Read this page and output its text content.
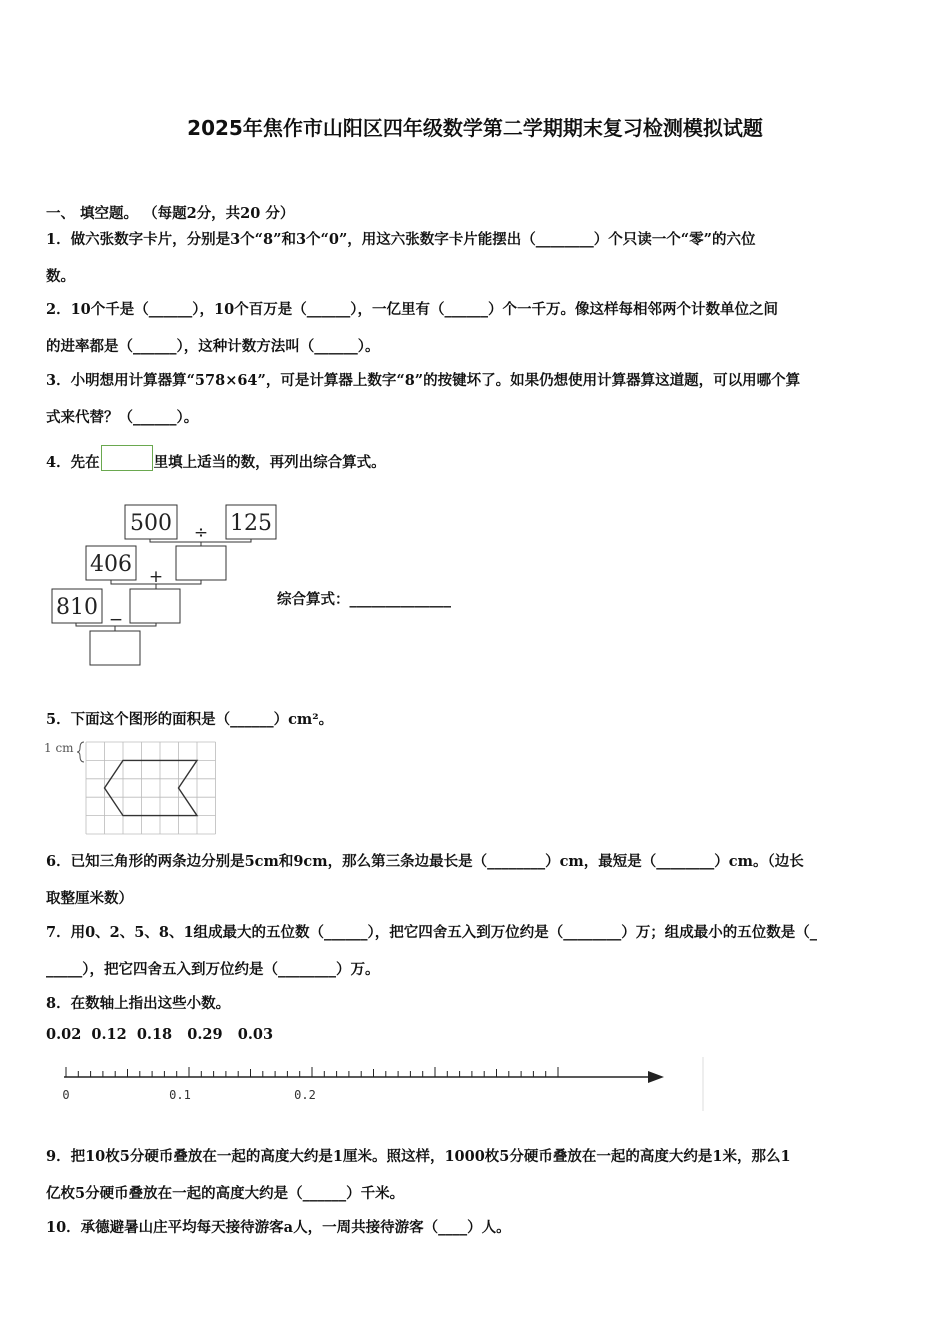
2025年焦作市山阳区四年级数学第二学期期末复习检测模拟试题
一、 填空题。 （每题2分，共20 分）
1．做六张数字卡片，分别是3个“8”和3个“0”，用这六张数字卡片能摆出（________）个只读一个“零”的六位
数。
2．10个千是（______），10个百万是（______），一亿里有（______）个一千万。像这样每相邻两个计数单位之间
的进率都是（______），这种计数方法叫（______）。
3．小明想用计算器算“578×64”，可是计算器上数字“8”的按键坏了。如果仍想使用计算器算这道题，可以用哪个算
式来代替？（______）。
4．先在	里填上适当的数，再列出综合算式。
500	125
406
810
÷
+
−
综合算式：______________
5．下面这个图形的面积是（______）cm²。
1 cm
6．已知三角形的两条边分别是5cm和9cm，那么第三条边最长是（________）cm，最短是（________）cm。（边长
取整厘米数）
7．用0、2、5、8、1组成最大的五位数（______），把它四舍五入到万位约是（________）万；组成最小的五位数是（_
_____），把它四舍五入到万位约是（________）万。
8．在数轴上指出这些小数。
0.02  0.12  0.18   0.29   0.03
0	0.1	0.2
9．把10枚5分硬币叠放在一起的高度大约是1厘米。照这样，1000枚5分硬币叠放在一起的高度大约是1米，那么1
亿枚5分硬币叠放在一起的高度大约是（______）千米。
10．承德避暑山庄平均每天接待游客a人，一周共接待游客（____）人。
